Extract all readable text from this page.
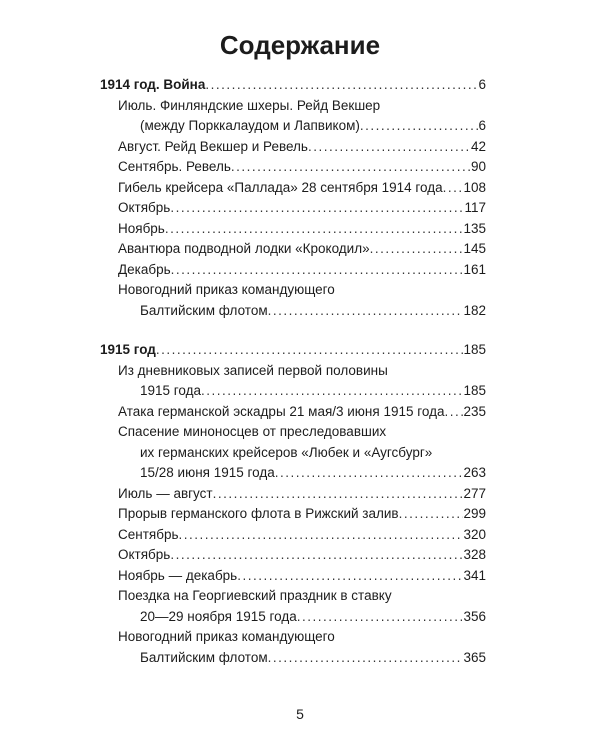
Содержание
1914 год. Война .....	6
Июль. Финляндские шхеры. Рейд Векшер
(между Порккалаудом и Лапвиком) .....	6
Август. Рейд Векшер и Ревель .....	42
Сентябрь. Ревель .....	90
Гибель крейсера «Паллада» 28 сентября 1914 года ..... 108
Октябрь .....	117
Ноябрь .....	135
Авантюра подводной лодки «Крокодил» .....	145
Декабрь .....	161
Новогодний приказ командующего
Балтийским флотом .....	182
1915 год .....	185
Из дневниковых записей первой половины
1915 года .....	185
Атака германской эскадры 21 мая/3 июня 1915 года ..... 235
Спасение миноносцев от преследовавших
их германских крейсеров «Любек и «Аугсбург»
15/28 июня 1915 года .....	263
Июль — август .....	277
Прорыв германского флота в Рижский залив .....	299
Сентябрь .....	320
Октябрь .....	328
Ноябрь — декабрь .....	341
Поездка на Георгиевский праздник в ставку
20—29 ноября 1915 года .....	356
Новогодний приказ командующего
Балтийским флотом .....	365
5
